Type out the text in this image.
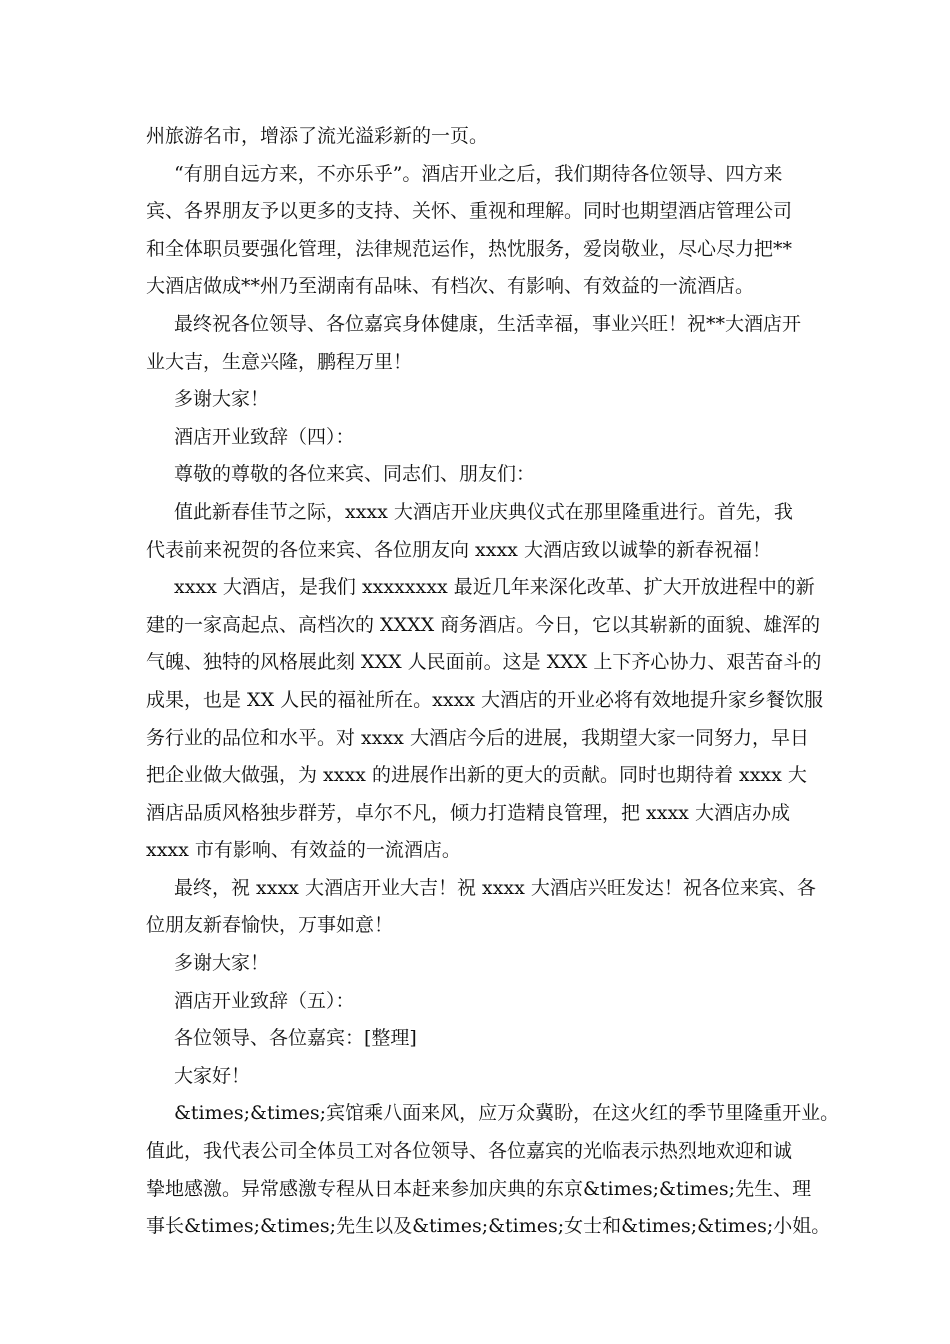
州旅游名市，增添了流光溢彩新的一页。
“有朋自远方来，不亦乐乎”。酒店开业之后，我们期待各位领导、四方来
宾、各界朋友予以更多的支持、关怀、重视和理解。同时也期望酒店管理公司
和全体职员要强化管理，法律规范运作，热忱服务，爱岗敬业，尽心尽力把**
大酒店做成**州乃至湖南有品味、有档次、有影响、有效益的一流酒店。
最终祝各位领导、各位嘉宾身体健康，生活幸福，事业兴旺！祝**大酒店开
业大吉，生意兴隆，鹏程万里！
多谢大家！
酒店开业致辞（四）：
尊敬的尊敬的各位来宾、同志们、朋友们：
值此新春佳节之际，xxxx 大酒店开业庆典仪式在那里隆重进行。首先，我
代表前来祝贺的各位来宾、各位朋友向 xxxx 大酒店致以诚挚的新春祝福！
xxxx 大酒店，是我们 xxxxxxxx 最近几年来深化改革、扩大开放进程中的新
建的一家高起点、高档次的 XXXX 商务酒店。今日，它以其崭新的面貌、雄浑的
气魄、独特的风格展此刻 XXX 人民面前。这是 XXX 上下齐心协力、艰苦奋斗的
成果，也是 XX 人民的福祉所在。xxxx 大酒店的开业必将有效地提升家乡餐饮服
务行业的品位和水平。对 xxxx 大酒店今后的进展，我期望大家一同努力，早日
把企业做大做强，为 xxxx 的进展作出新的更大的贡献。同时也期待着 xxxx 大
酒店品质风格独步群芳，卓尔不凡，倾力打造精良管理，把 xxxx 大酒店办成
xxxx 市有影响、有效益的一流酒店。
最终，祝 xxxx 大酒店开业大吉！祝 xxxx 大酒店兴旺发达！祝各位来宾、各
位朋友新春愉快，万事如意！
多谢大家！
酒店开业致辞（五）：
各位领导、各位嘉宾：[整理]
大家好！
&times;&times;宾馆乘八面来风，应万众冀盼，在这火红的季节里隆重开业。
值此，我代表公司全体员工对各位领导、各位嘉宾的光临表示热烈地欢迎和诚
挚地感激。异常感激专程从日本赶来参加庆典的东京&times;&times;先生、理
事长&times;&times;先生以及&times;&times;女士和&times;&times;小姐。
